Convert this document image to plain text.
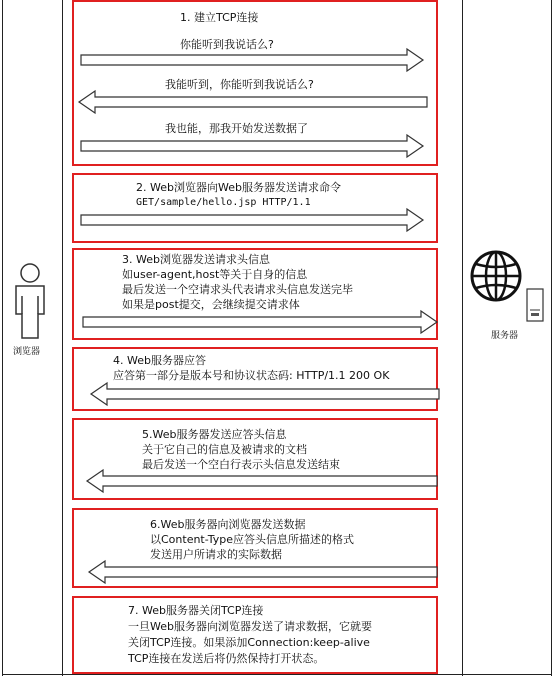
浏览器
服务器
1. 建立TCP连接
你能听到我说话么?
我能听到，你能听到我说话么?
我也能，那我开始发送数据了
2. Web浏览器向Web服务器发送请求命令
GET/sample/hello.jsp HTTP/1.1
3. Web浏览器发送请求头信息
如user-agent,host等关于自身的信息
最后发送一个空请求头代表请求头信息发送完毕
如果是post提交，会继续提交请求体
4. Web服务器应答
应答第一部分是版本号和协议状态码: HTTP/1.1 200 OK
5.Web服务器发送应答头信息
关于它自己的信息及被请求的文档
最后发送一个空白行表示头信息发送结束
6.Web服务器向浏览器发送数据
以Content-Type应答头信息所描述的格式
发送用户所请求的实际数据
7. Web服务器关闭TCP连接
一旦Web服务器向浏览器发送了请求数据，它就要
关闭TCP连接。如果添加Connection:keep-alive
TCP连接在发送后将仍然保持打开状态。
